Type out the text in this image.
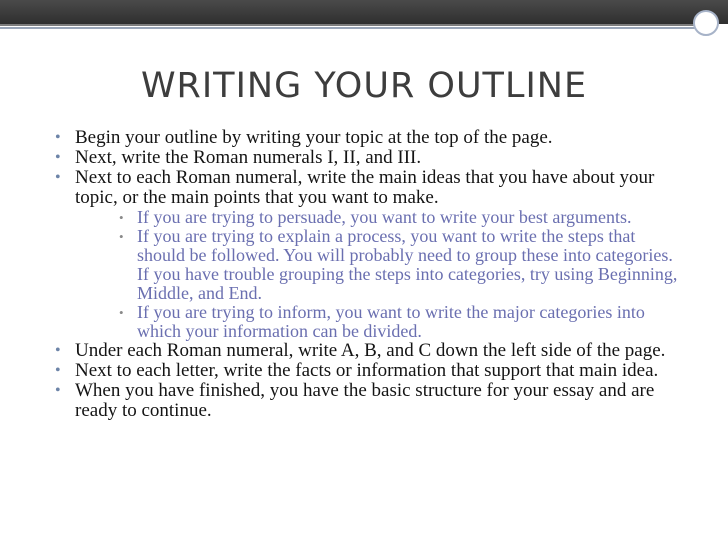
WRITING YOUR OUTLINE
• Begin your outline by writing your topic at the top of the page.
• Next, write the Roman numerals I, II, and III.
• Next to each Roman numeral, write the main ideas that you have about your topic, or the main points that you want to make.
• If you are trying to persuade, you want to write your best arguments.
• If you are trying to explain a process, you want to write the steps that should be followed. You will probably need to group these into categories. If you have trouble grouping the steps into categories, try using Beginning, Middle, and End.
• If you are trying to inform, you want to write the major categories into which your information can be divided.
• Under each Roman numeral, write A, B, and C down the left side of the page.
• Next to each letter, write the facts or information that support that main idea.
• When you have finished, you have the basic structure for your essay and are ready to continue.
